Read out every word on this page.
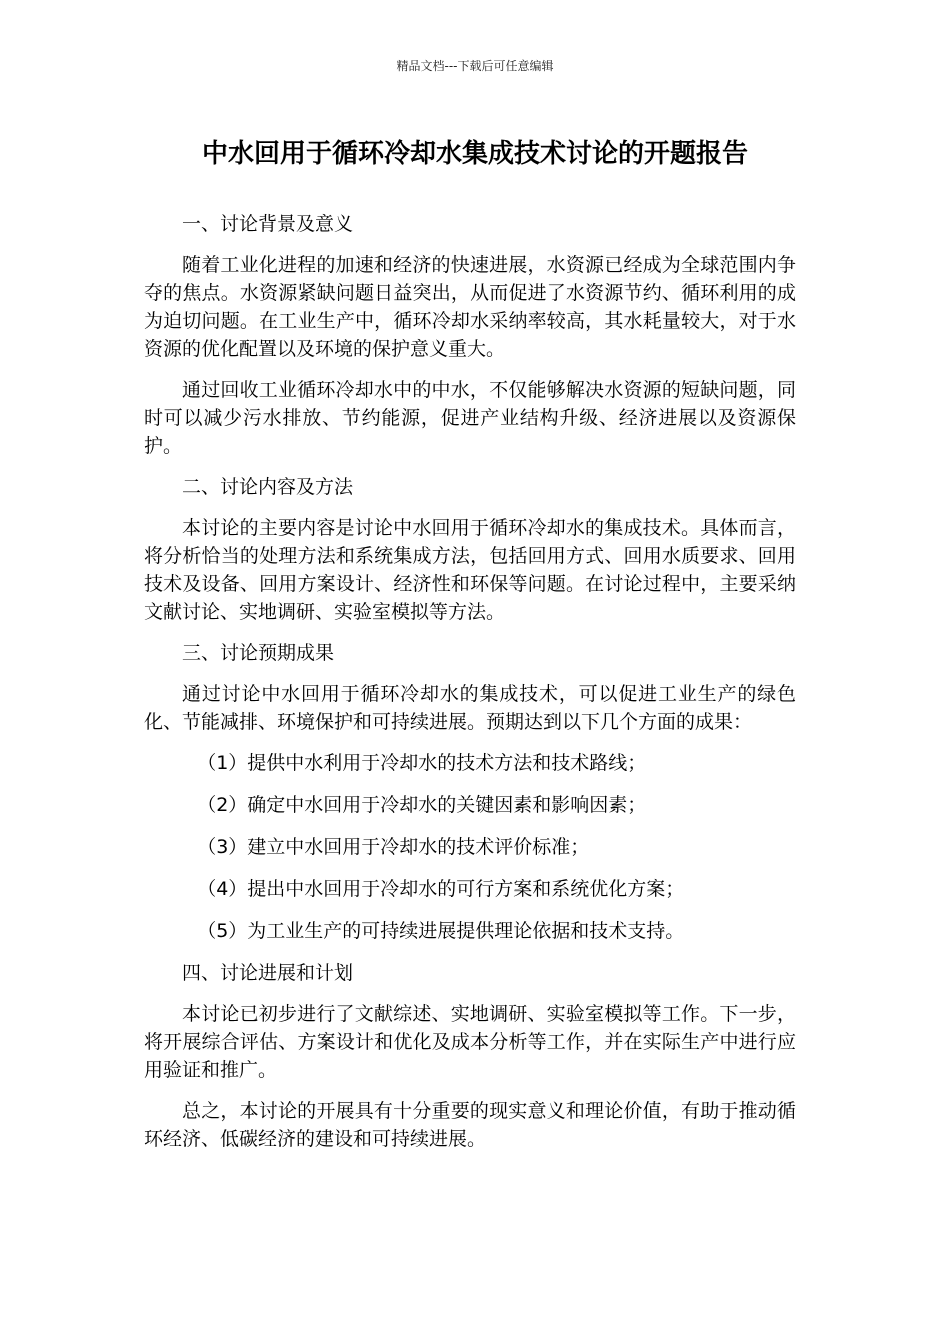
精品文档---下载后可任意编辑
中水回用于循环冷却水集成技术讨论的开题报告

一、讨论背景及意义

随着工业化进程的加速和经济的快速进展，水资源已经成为全球范围内争夺的焦点。水资源紧缺问题日益突出，从而促进了水资源节约、循环利用的成为迫切问题。在工业生产中，循环冷却水采纳率较高，其水耗量较大，对于水资源的优化配置以及环境的保护意义重大。

通过回收工业循环冷却水中的中水，不仅能够解决水资源的短缺问题，同时可以减少污水排放、节约能源，促进产业结构升级、经济进展以及资源保护。

二、讨论内容及方法

本讨论的主要内容是讨论中水回用于循环冷却水的集成技术。具体而言，将分析恰当的处理方法和系统集成方法，包括回用方式、回用水质要求、回用技术及设备、回用方案设计、经济性和环保等问题。在讨论过程中，主要采纳文献讨论、实地调研、实验室模拟等方法。

三、讨论预期成果

通过讨论中水回用于循环冷却水的集成技术，可以促进工业生产的绿色化、节能减排、环境保护和可持续进展。预期达到以下几个方面的成果：

（1）提供中水利用于冷却水的技术方法和技术路线；

（2）确定中水回用于冷却水的关键因素和影响因素；

（3）建立中水回用于冷却水的技术评价标准；

（4）提出中水回用于冷却水的可行方案和系统优化方案；

（5）为工业生产的可持续进展提供理论依据和技术支持。

四、讨论进展和计划

本讨论已初步进行了文献综述、实地调研、实验室模拟等工作。下一步，将开展综合评估、方案设计和优化及成本分析等工作，并在实际生产中进行应用验证和推广。

总之，本讨论的开展具有十分重要的现实意义和理论价值，有助于推动循环经济、低碳经济的建设和可持续进展。
